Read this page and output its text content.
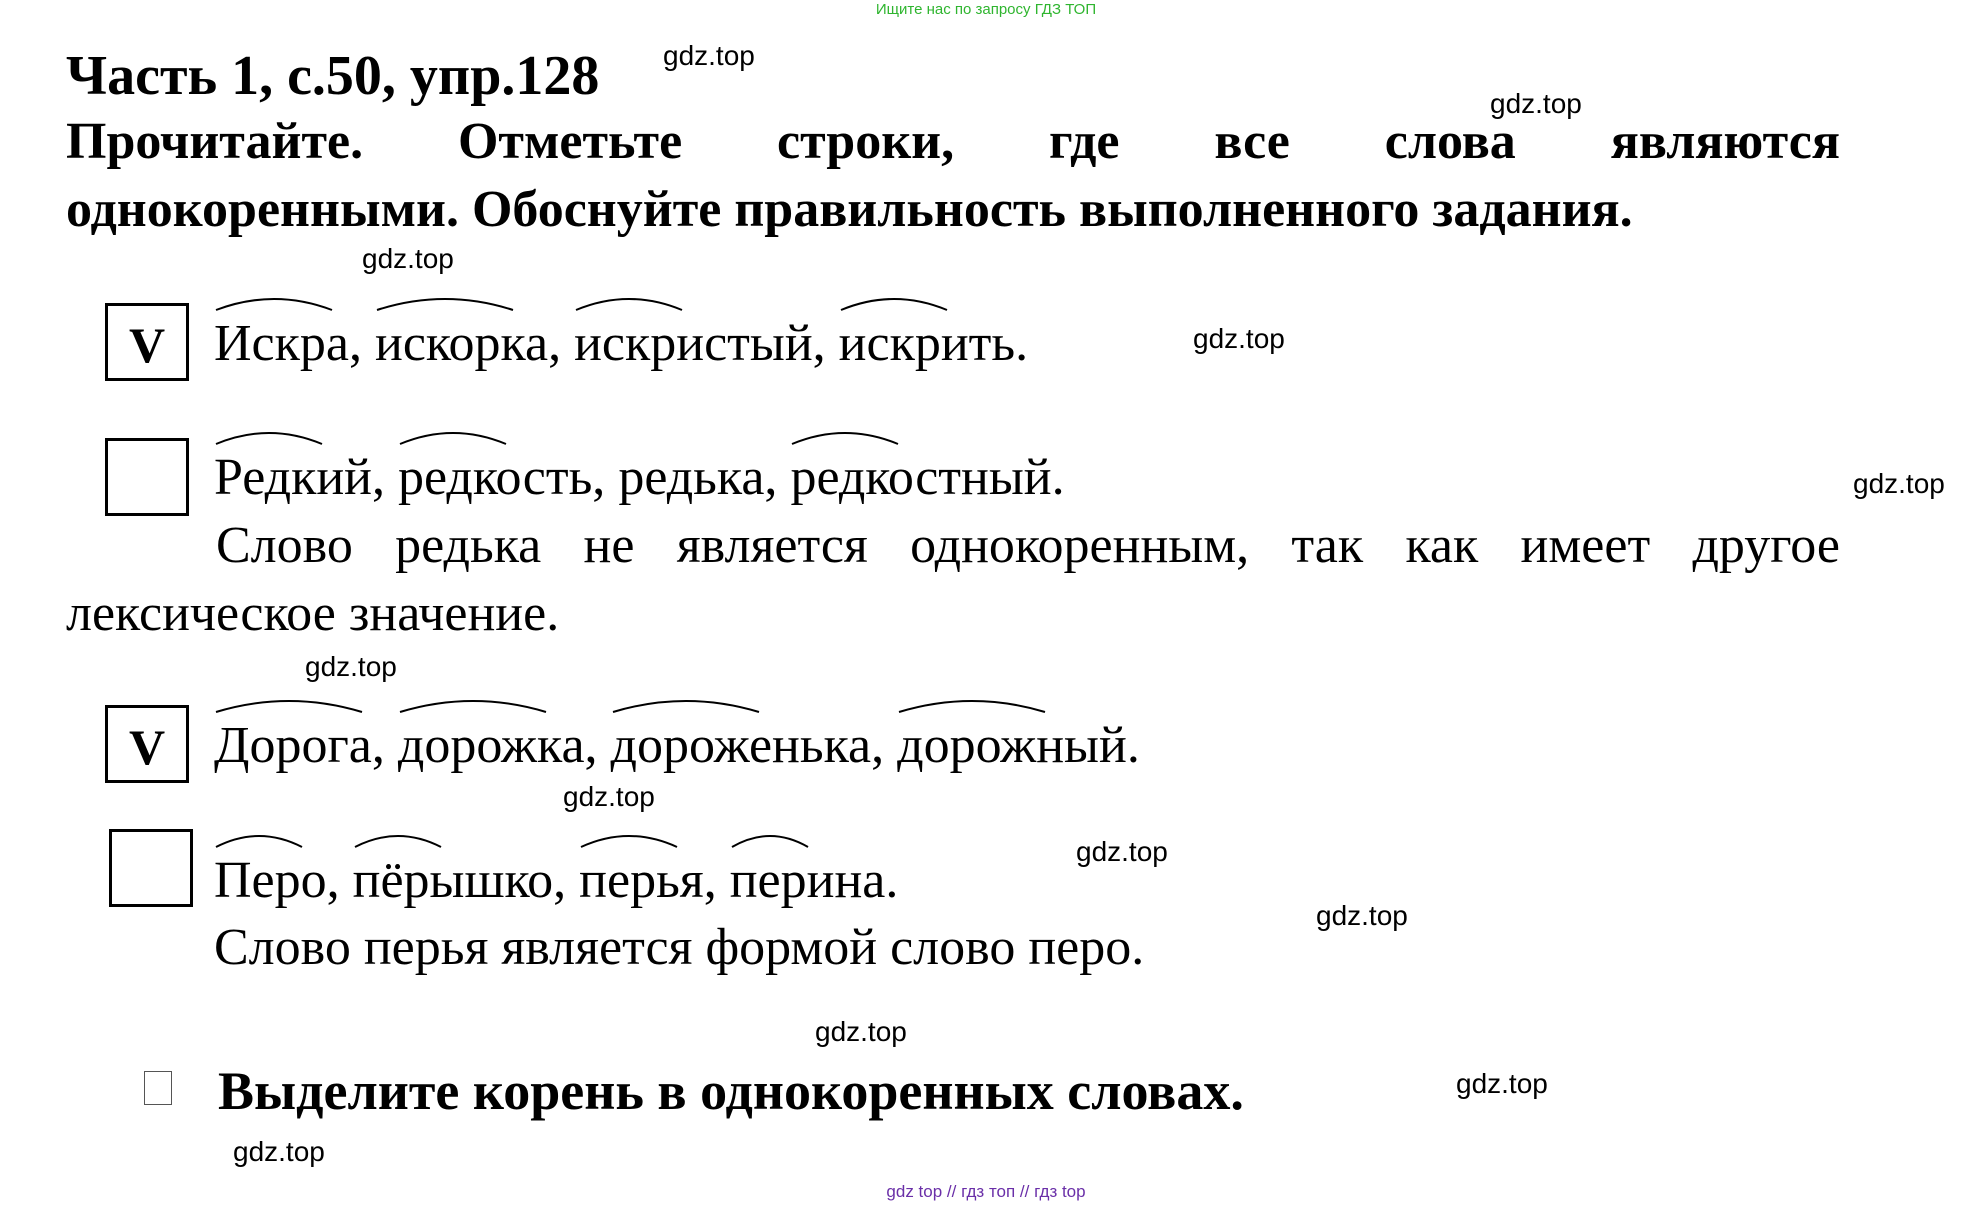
Ищите нас по запросу ГДЗ ТОП
Часть 1, с.50, упр.128
Прочитайте. Отметьте строки, где все слова являются
однокоренными. Обоснуйте правильность выполненного задания.
gdz.top
gdz.top
gdz.top
gdz.top
gdz.top
gdz.top
gdz.top
gdz.top
gdz.top
gdz.top
gdz.top
gdz.top
V Искра, искорка, искристый, искрить.
Редкий, редкость, редька, редкостный.
Слово редька не является однокоренным, так как имеет другое
лексическое значение.
V Дорога, дорожка, дороженька, дорожный.
Перо, пёрышко, перья, перина.
Слово перья является формой слово перо.
Выделите корень в однокоренных словах.
gdz top // гдз топ // гдз top
